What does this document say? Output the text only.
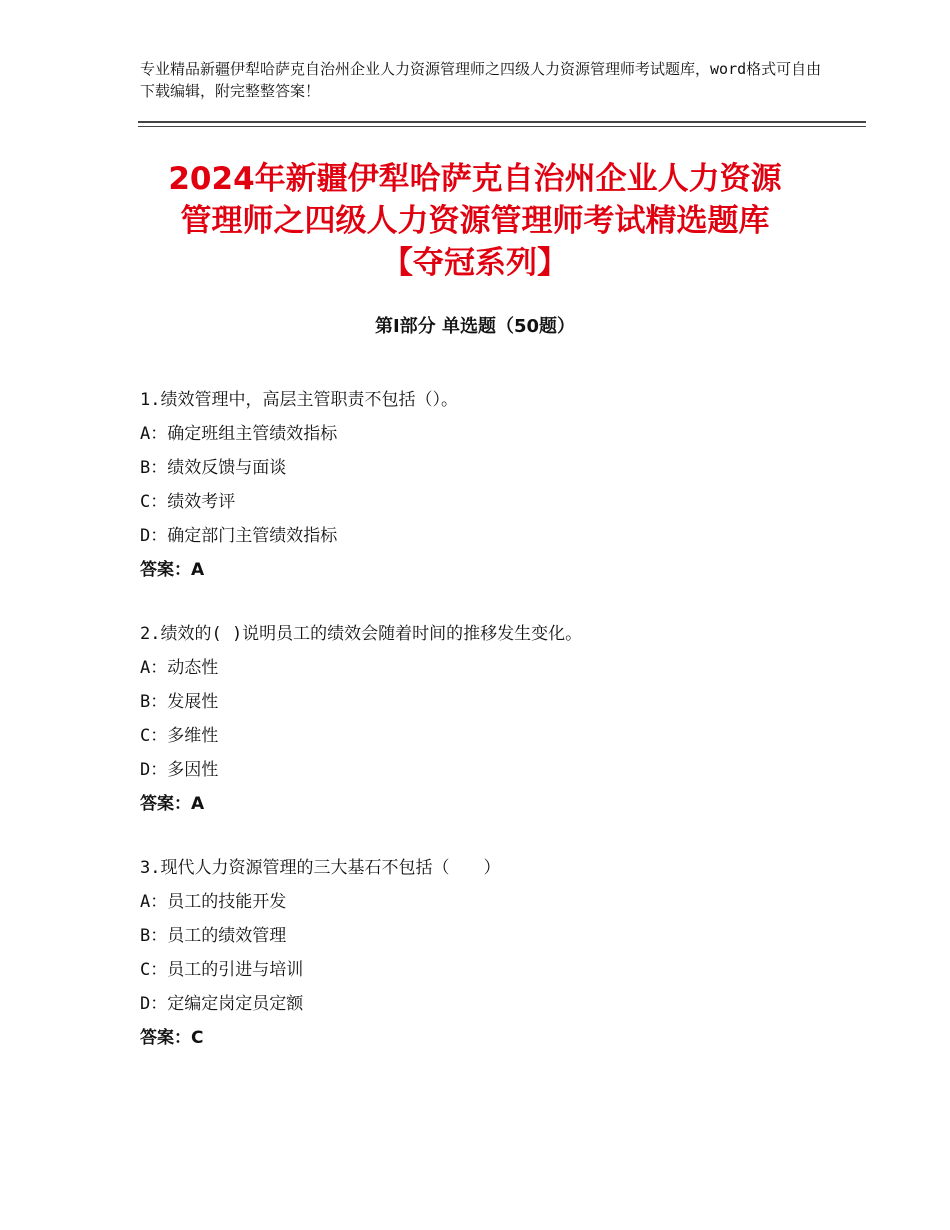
专业精品新疆伊犁哈萨克自治州企业人力资源管理师之四级人力资源管理师考试题库，word格式可自由下载编辑，附完整整答案！
2024年新疆伊犁哈萨克自治州企业人力资源
管理师之四级人力资源管理师考试精选题库
【夺冠系列】
第Ⅰ部分 单选题（50题）
1.绩效管理中，高层主管职责不包括（）。
A：确定班组主管绩效指标
B：绩效反馈与面谈
C：绩效考评
D：确定部门主管绩效指标
答案：A
2.绩效的( )说明员工的绩效会随着时间的推移发生变化。
A：动态性
B：发展性
C：多维性
D：多因性
答案：A
3.现代人力资源管理的三大基石不包括（　　）
A：员工的技能开发
B：员工的绩效管理
C：员工的引进与培训
D：定编定岗定员定额
答案：C
